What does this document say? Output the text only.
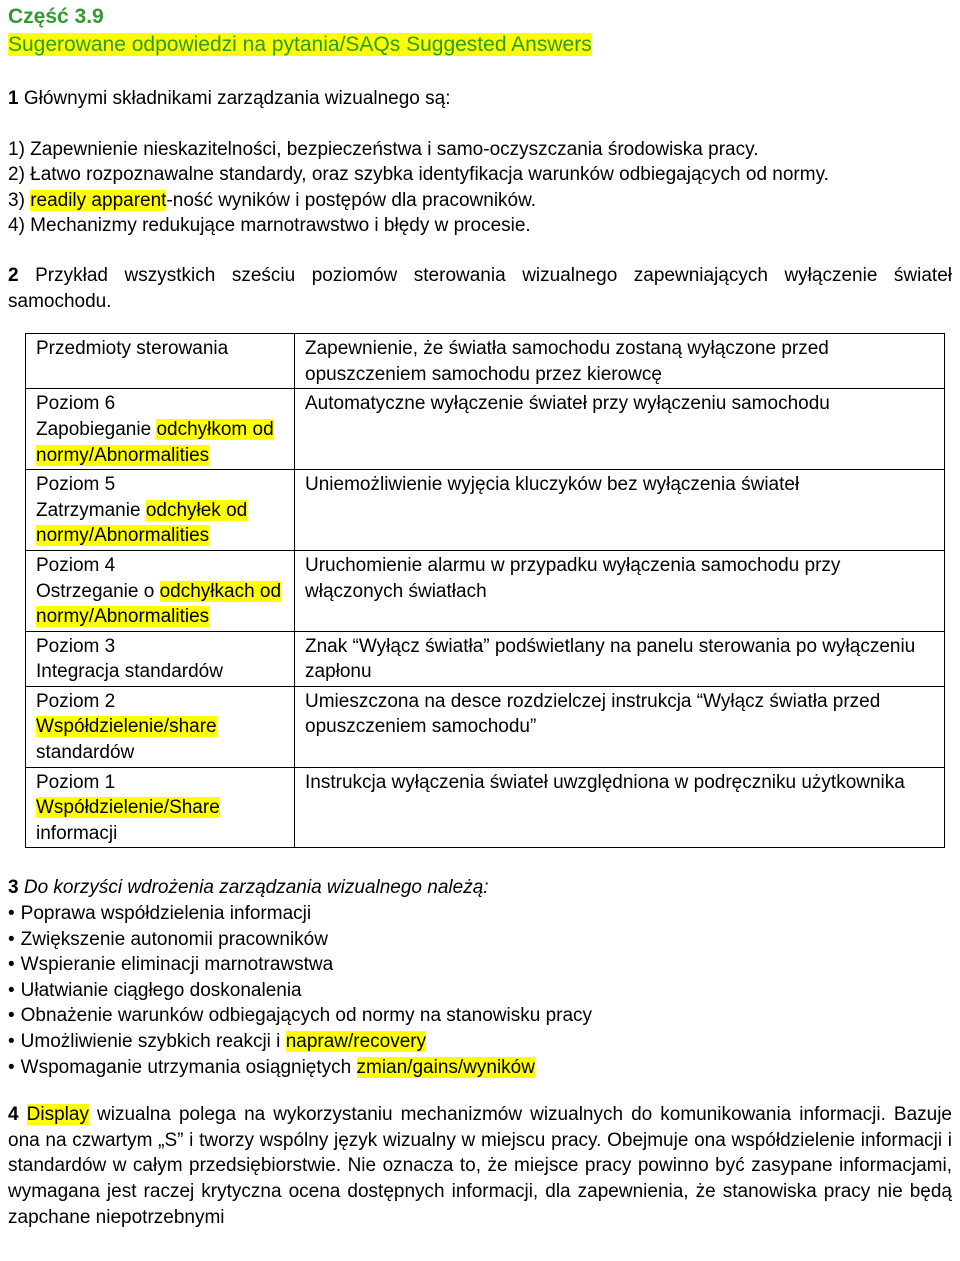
Część 3.9

Sugerowane odpowiedzi na pytania/SAQs Suggested Answers

1 Głównymi składnikami zarządzania wizualnego są:

1) Zapewnienie nieskazitelności, bezpieczeństwa i samo-oczyszczania środowiska pracy.

2) Łatwo rozpoznawalne standardy, oraz szybka identyfikacja warunków odbiegających od normy.

3) readily apparent-ność wyników i postępów dla pracowników.

4) Mechanizmy redukujące marnotrawstwo i błędy w procesie.

2 Przykład wszystkich sześciu poziomów sterowania wizualnego zapewniających wyłączenie świateł samochodu.

Przedmioty sterowania	Zapewnienie, że światła samochodu zostaną wyłączone przed opuszczeniem samochodu przez kierowcę

Poziom 6
Zapobieganie odchyłkom od normy/Abnormalities	Automatyczne wyłączenie świateł przy wyłączeniu samochodu

Poziom 5
Zatrzymanie odchyłek od normy/Abnormalities	Uniemożliwienie wyjęcia kluczyków bez wyłączenia świateł

Poziom 4
Ostrzeganie o odchyłkach od normy/Abnormalities	Uruchomienie alarmu w przypadku wyłączenia samochodu przy włączonych światłach

Poziom 3
Integracja standardów	Znak “Wyłącz światła” podświetlany na panelu sterowania po wyłączeniu zapłonu

Poziom 2
Współdzielenie/share standardów	Umieszczona na desce rozdzielczej instrukcja “Wyłącz światła przed opuszczeniem samochodu”

Poziom 1
Współdzielenie/Share informacji	Instrukcja wyłączenia świateł uwzględniona w podręczniku użytkownika

3 Do korzyści wdrożenia zarządzania wizualnego należą:

• Poprawa współdzielenia informacji

• Zwiększenie autonomii pracowników

• Wspieranie eliminacji marnotrawstwa

• Ułatwianie ciągłego doskonalenia

• Obnażenie warunków odbiegających od normy na stanowisku pracy

• Umożliwienie szybkich reakcji i napraw/recovery

• Wspomaganie utrzymania osiągniętych zmian/gains/wyników

4 Display wizualna polega na wykorzystaniu mechanizmów wizualnych do komunikowania informacji. Bazuje ona na czwartym „S” i tworzy wspólny język wizualny w miejscu pracy. Obejmuje ona współdzielenie informacji i standardów w całym przedsiębiorstwie. Nie oznacza to, że miejsce pracy powinno być zasypane informacjami, wymagana jest raczej krytyczna ocena dostępnych informacji, dla zapewnienia, że stanowiska pracy nie będą zapchane niepotrzebnymi
